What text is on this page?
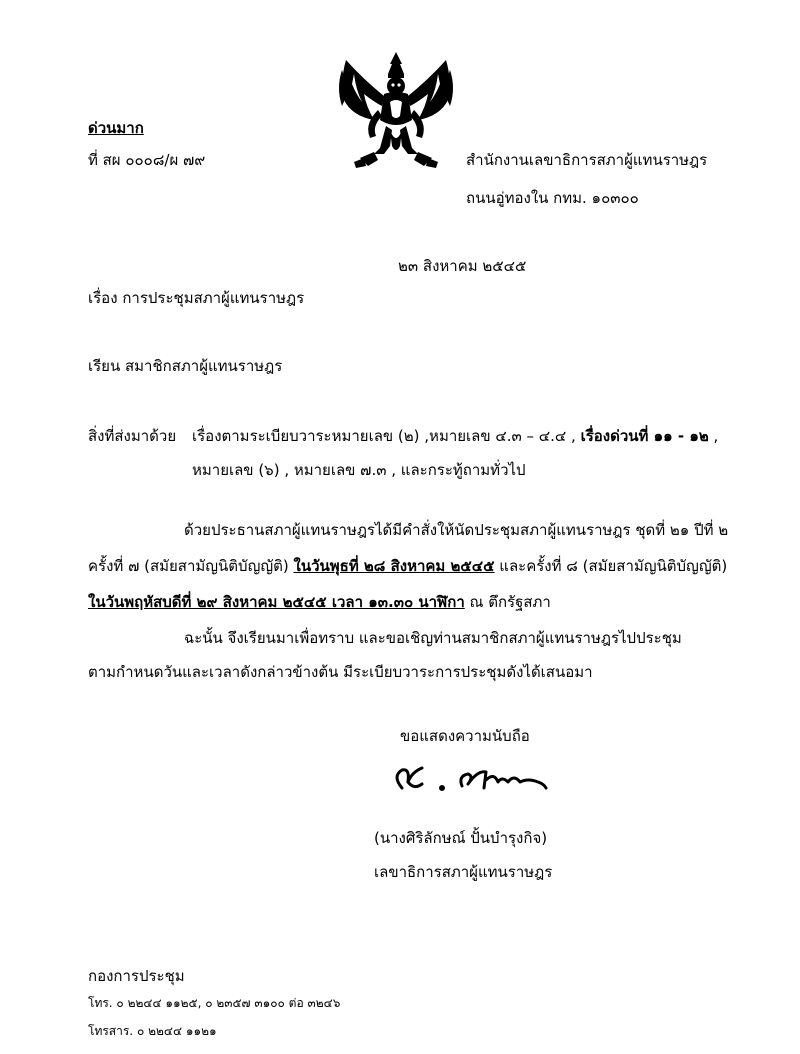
ด่วนมาก
ที่ สผ ๐๐๐๘/ผ ๗๙	สำนักงานเลขาธิการสภาผู้แทนราษฎร
ถนนอู่ทองใน กทม. ๑๐๓๐๐
๒๓ สิงหาคม ๒๕๔๕
เรื่อง การประชุมสภาผู้แทนราษฎร
เรียน สมาชิกสภาผู้แทนราษฎร
สิ่งที่ส่งมาด้วย เรื่องตามระเบียบวาระหมายเลข (๒) ,หมายเลข ๔.๓ – ๔.๔ , เรื่องด่วนที่ ๑๑ - ๑๒ ,
หมายเลข (๖) , หมายเลข ๗.๓ , และกระทู้ถามทั่วไป
ด้วยประธานสภาผู้แทนราษฎรได้มีคำสั่งให้นัดประชุมสภาผู้แทนราษฎร ชุดที่ ๒๑ ปีที่ ๒
ครั้งที่ ๗ (สมัยสามัญนิติบัญญัติ) ในวันพุธที่ ๒๘ สิงหาคม ๒๕๔๕ และครั้งที่ ๘ (สมัยสามัญนิติบัญญัติ)
ในวันพฤหัสบดีที่ ๒๙ สิงหาคม ๒๕๔๕ เวลา ๑๓.๓๐ นาฬิกา ณ ตึกรัฐสภา
ฉะนั้น จึงเรียนมาเพื่อทราบ และขอเชิญท่านสมาชิกสภาผู้แทนราษฎรไปประชุม
ตามกำหนดวันและเวลาดังกล่าวข้างต้น มีระเบียบวาระการประชุมดังได้เสนอมา
ขอแสดงความนับถือ
(นางศิริลักษณ์ ปั้นบำรุงกิจ)
เลขาธิการสภาผู้แทนราษฎร
กองการประชุม
โทร. ๐ ๒๒๔๔ ๑๑๒๕, ๐ ๒๓๕๗ ๓๑๐๐ ต่อ ๓๒๔๖
โทรสาร. ๐ ๒๒๔๔ ๑๑๒๑
